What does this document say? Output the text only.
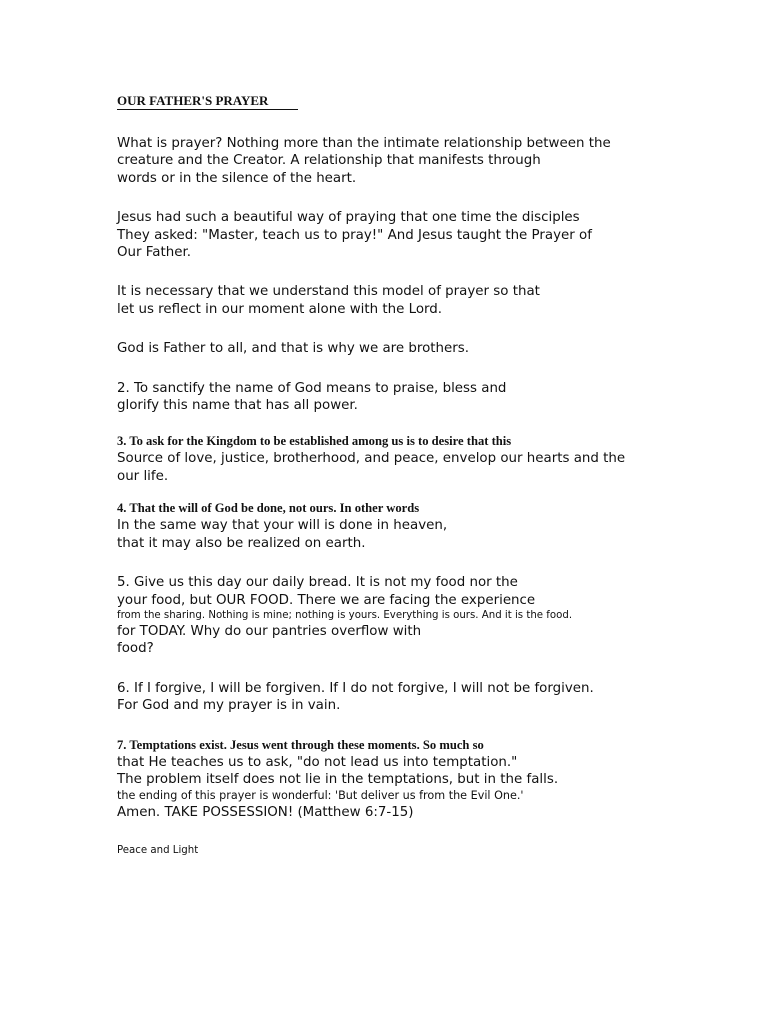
OUR FATHER'S PRAYER

What is prayer? Nothing more than the intimate relationship between the
creature and the Creator. A relationship that manifests through
words or in the silence of the heart.

Jesus had such a beautiful way of praying that one time the disciples
They asked: "Master, teach us to pray!" And Jesus taught the Prayer of
Our Father.

It is necessary that we understand this model of prayer so that
let us reflect in our moment alone with the Lord.

God is Father to all, and that is why we are brothers.

2. To sanctify the name of God means to praise, bless and
glorify this name that has all power.

3. To ask for the Kingdom to be established among us is to desire that this
Source of love, justice, brotherhood, and peace, envelop our hearts and the
our life.

4. That the will of God be done, not ours. In other words
In the same way that your will is done in heaven,
that it may also be realized on earth.

5. Give us this day our daily bread. It is not my food nor the
your food, but OUR FOOD. There we are facing the experience
from the sharing. Nothing is mine; nothing is yours. Everything is ours. And it is the food.
for TODAY. Why do our pantries overflow with
food?

6. If I forgive, I will be forgiven. If I do not forgive, I will not be forgiven.
For God and my prayer is in vain.

7. Temptations exist. Jesus went through these moments. So much so
that He teaches us to ask, "do not lead us into temptation."
The problem itself does not lie in the temptations, but in the falls.
the ending of this prayer is wonderful: 'But deliver us from the Evil One.'
Amen. TAKE POSSESSION! (Matthew 6:7-15)

Peace and Light
